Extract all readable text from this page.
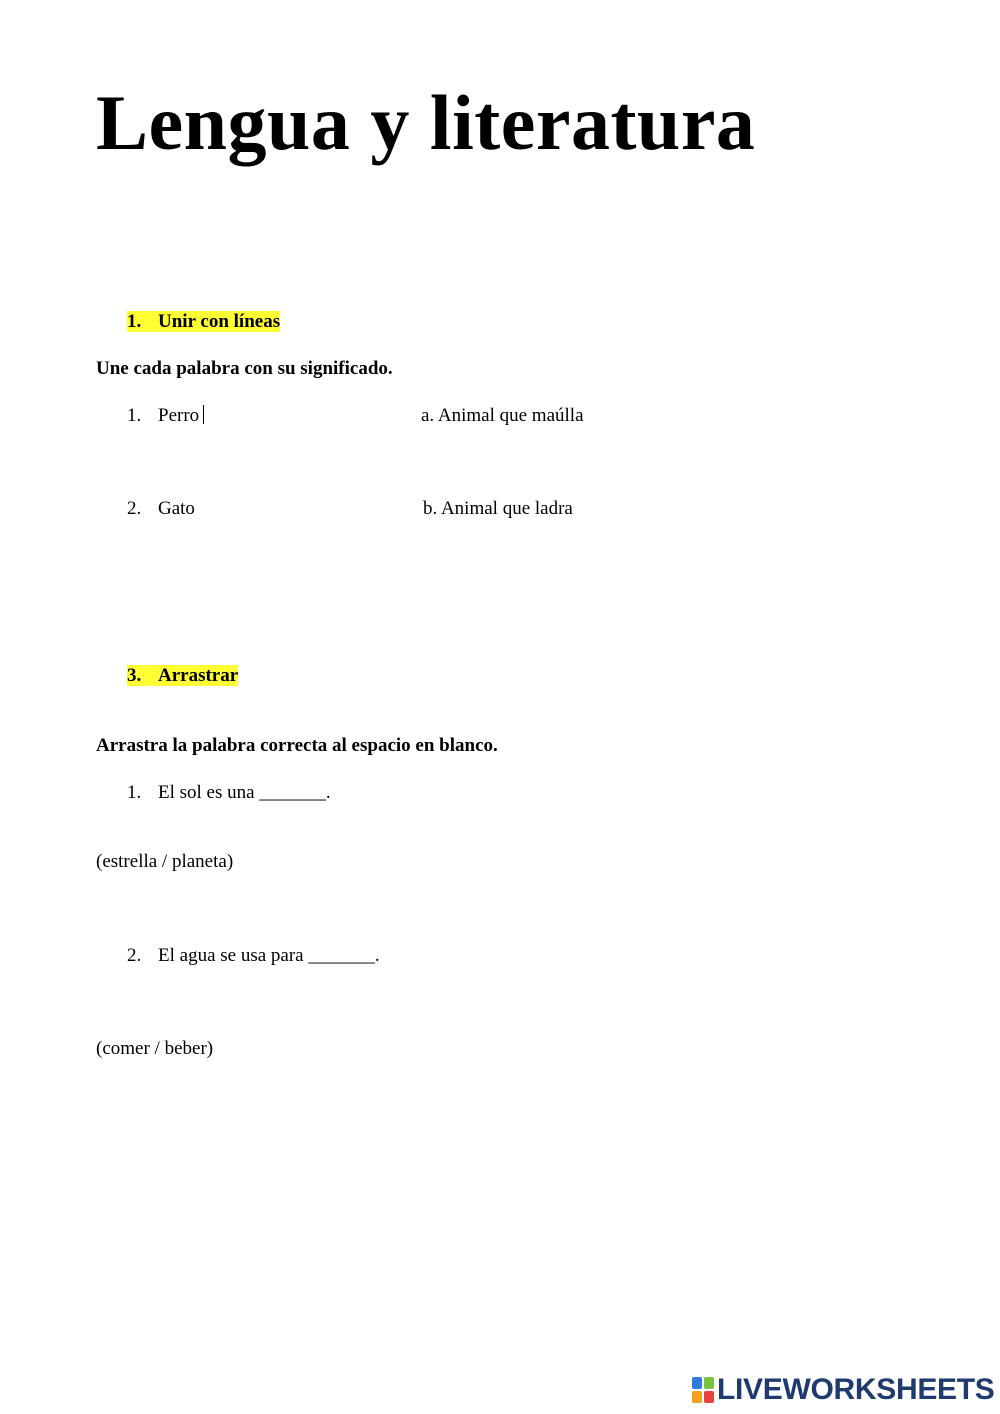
Lengua y literatura
1. Unir con líneas
Une cada palabra con su significado.
1. Perro	a. Animal que maúlla
2. Gato	b. Animal que ladra
3. Arrastrar
Arrastra la palabra correcta al espacio en blanco.
1. El sol es una _______.
(estrella / planeta)
2. El agua se usa para _______.
(comer / beber)
LIVEWORKSHEETS
